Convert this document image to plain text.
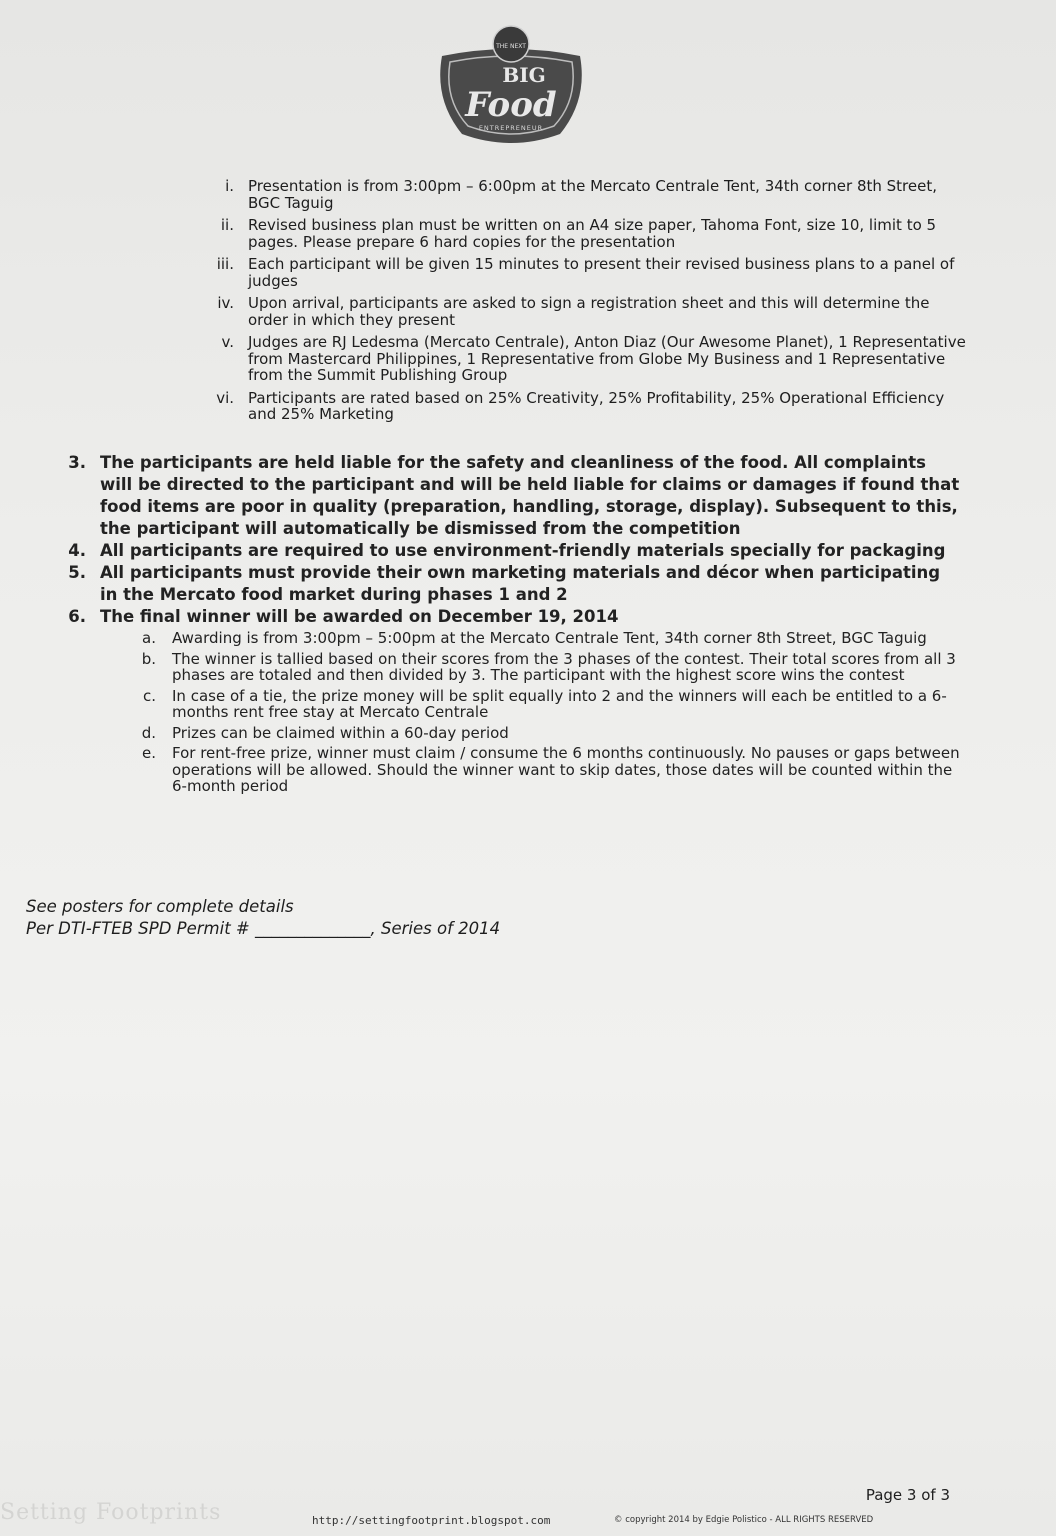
THE NEXT
BIG
Food
ENTREPRENEUR
i. Presentation is from 3:00pm – 6:00pm at the Mercato Centrale Tent, 34th corner 8th Street, BGC Taguig
ii. Revised business plan must be written on an A4 size paper, Tahoma Font, size 10, limit to 5 pages. Please prepare 6 hard copies for the presentation
iii. Each participant will be given 15 minutes to present their revised business plans to a panel of judges
iv. Upon arrival, participants are asked to sign a registration sheet and this will determine the order in which they present
v. Judges are RJ Ledesma (Mercato Centrale), Anton Diaz (Our Awesome Planet), 1 Representative from Mastercard Philippines, 1 Representative from Globe My Business and 1 Representative from the Summit Publishing Group
vi. Participants are rated based on 25% Creativity, 25% Profitability, 25% Operational Efficiency and 25% Marketing
3. The participants are held liable for the safety and cleanliness of the food. All complaints will be directed to the participant and will be held liable for claims or damages if found that food items are poor in quality (preparation, handling, storage, display). Subsequent to this, the participant will automatically be dismissed from the competition
4. All participants are required to use environment-friendly materials specially for packaging
5. All participants must provide their own marketing materials and décor when participating in the Mercato food market during phases 1 and 2
6. The final winner will be awarded on December 19, 2014
a. Awarding is from 3:00pm – 5:00pm at the Mercato Centrale Tent, 34th corner 8th Street, BGC Taguig
b. The winner is tallied based on their scores from the 3 phases of the contest. Their total scores from all 3 phases are totaled and then divided by 3. The participant with the highest score wins the contest
c. In case of a tie, the prize money will be split equally into 2 and the winners will each be entitled to a 6-months rent free stay at Mercato Centrale
d. Prizes can be claimed within a 60-day period
e. For rent-free prize, winner must claim / consume the 6 months continuously. No pauses or gaps between operations will be allowed. Should the winner want to skip dates, those dates will be counted within the 6-month period
See posters for complete details
Per DTI-FTEB SPD Permit # ______________, Series of 2014
Page 3 of 3
Setting Footprints	http://settingfootprint.blogspot.com	© copyright 2014 by Edgie Polistico - ALL RIGHTS RESERVED
